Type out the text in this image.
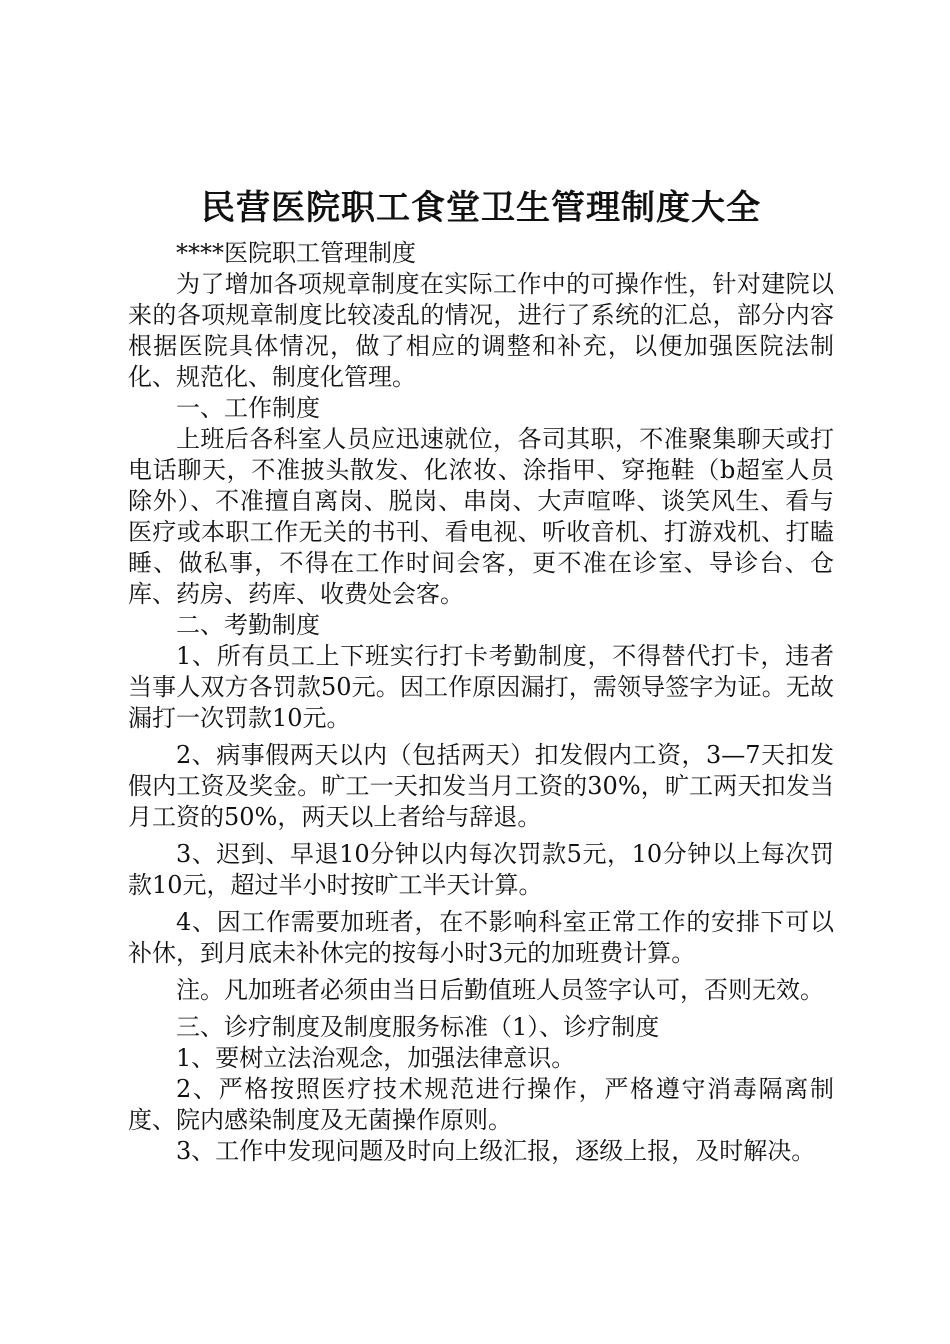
民营医院职工食堂卫生管理制度大全

****医院职工管理制度

为了增加各项规章制度在实际工作中的可操作性，针对建院以来的各项规章制度比较凌乱的情况，进行了系统的汇总，部分内容根据医院具体情况，做了相应的调整和补充，以便加强医院法制化、规范化、制度化管理。

一、工作制度

上班后各科室人员应迅速就位，各司其职，不准聚集聊天或打电话聊天，不准披头散发、化浓妆、涂指甲、穿拖鞋（b超室人员除外）、不准擅自离岗、脱岗、串岗、大声喧哗、谈笑风生、看与医疗或本职工作无关的书刊、看电视、听收音机、打游戏机、打瞌睡、做私事，不得在工作时间会客，更不准在诊室、导诊台、仓库、药房、药库、收费处会客。

二、考勤制度

1、所有员工上下班实行打卡考勤制度，不得替代打卡，违者当事人双方各罚款50元。因工作原因漏打，需领导签字为证。无故漏打一次罚款10元。

2、病事假两天以内（包括两天）扣发假内工资，3—7天扣发假内工资及奖金。旷工一天扣发当月工资的30%，旷工两天扣发当月工资的50%，两天以上者给与辞退。

3、迟到、早退10分钟以内每次罚款5元，10分钟以上每次罚款10元，超过半小时按旷工半天计算。

4、因工作需要加班者，在不影响科室正常工作的安排下可以补休，到月底未补休完的按每小时3元的加班费计算。

注。凡加班者必须由当日后勤值班人员签字认可，否则无效。

三、诊疗制度及制度服务标准（1）、诊疗制度

1、要树立法治观念，加强法律意识。

2、严格按照医疗技术规范进行操作，严格遵守消毒隔离制度、院内感染制度及无菌操作原则。

3、工作中发现问题及时向上级汇报，逐级上报，及时解决。
